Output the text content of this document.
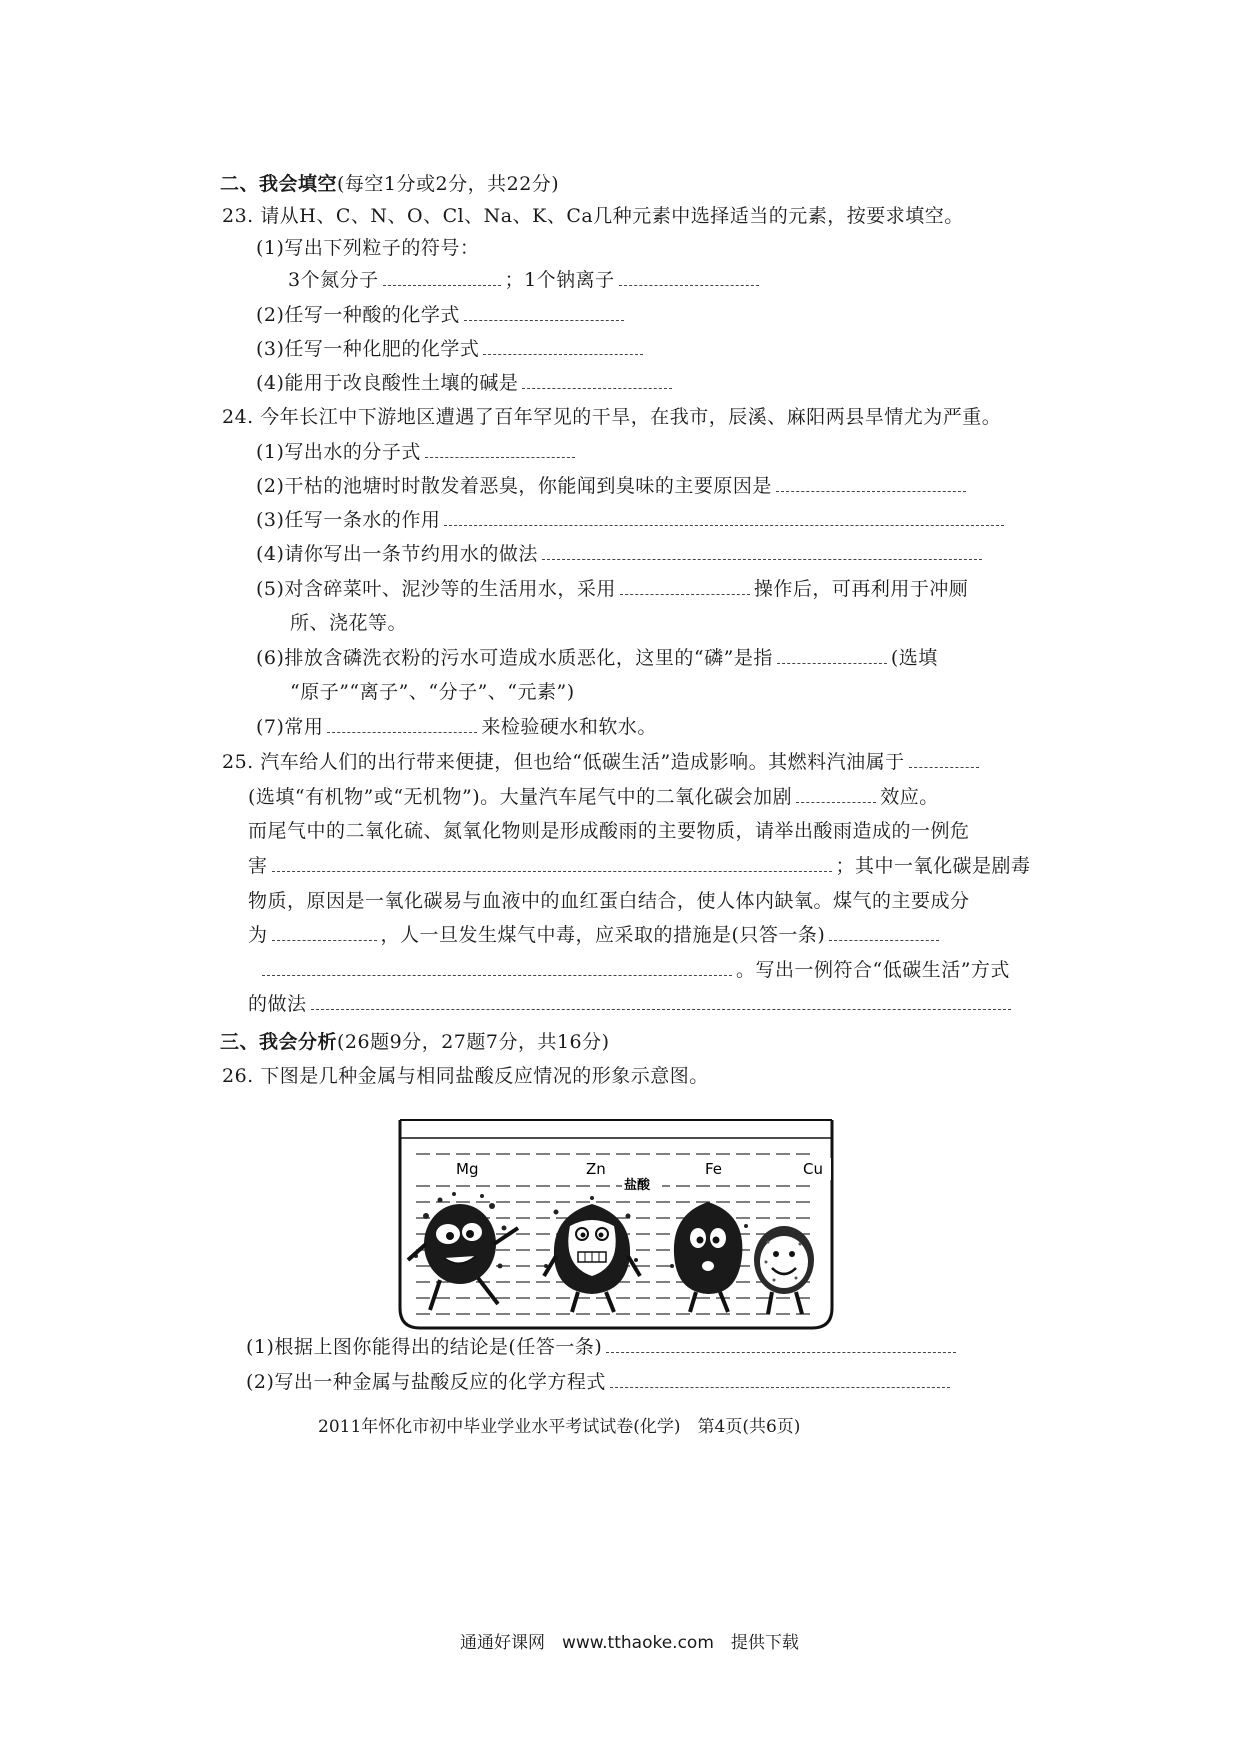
二、我会填空(每空1分或2分，共22分)
23. 请从H、C、N、O、Cl、Na、K、Ca几种元素中选择适当的元素，按要求填空。
(1)写出下列粒子的符号：
3个氮分子	；1个钠离子
(2)任写一种酸的化学式
(3)任写一种化肥的化学式
(4)能用于改良酸性土壤的碱是
24. 今年长江中下游地区遭遇了百年罕见的干旱，在我市，辰溪、麻阳两县旱情尤为严重。
(1)写出水的分子式
(2)干枯的池塘时时散发着恶臭，你能闻到臭味的主要原因是
(3)任写一条水的作用
(4)请你写出一条节约用水的做法
(5)对含碎菜叶、泥沙等的生活用水，采用	操作后，可再利用于冲厕
所、浇花等。
(6)排放含磷洗衣粉的污水可造成水质恶化，这里的“磷”是指	(选填
“原子”“离子”、“分子”、“元素”)
(7)常用	来检验硬水和软水。
25. 汽车给人们的出行带来便捷，但也给“低碳生活”造成影响。其燃料汽油属于
(选填“有机物”或“无机物”)。大量汽车尾气中的二氧化碳会加剧	效应。
而尾气中的二氧化硫、氮氧化物则是形成酸雨的主要物质，请举出酸雨造成的一例危
害	；其中一氧化碳是剧毒
物质，原因是一氧化碳易与血液中的血红蛋白结合，使人体内缺氧。煤气的主要成分
为	，人一旦发生煤气中毒，应采取的措施是(只答一条)
。写出一例符合“低碳生活”方式
的做法
三、我会分析(26题9分，27题7分，共16分)
26. 下图是几种金属与相同盐酸反应情况的形象示意图。
Mg	Zn	Fe	Cu
盐酸
(1)根据上图你能得出的结论是(任答一条)
(2)写出一种金属与盐酸反应的化学方程式
2011年怀化市初中毕业学业水平考试试卷(化学)　第4页(共6页)
通通好课网　www.tthaoke.com　提供下载
